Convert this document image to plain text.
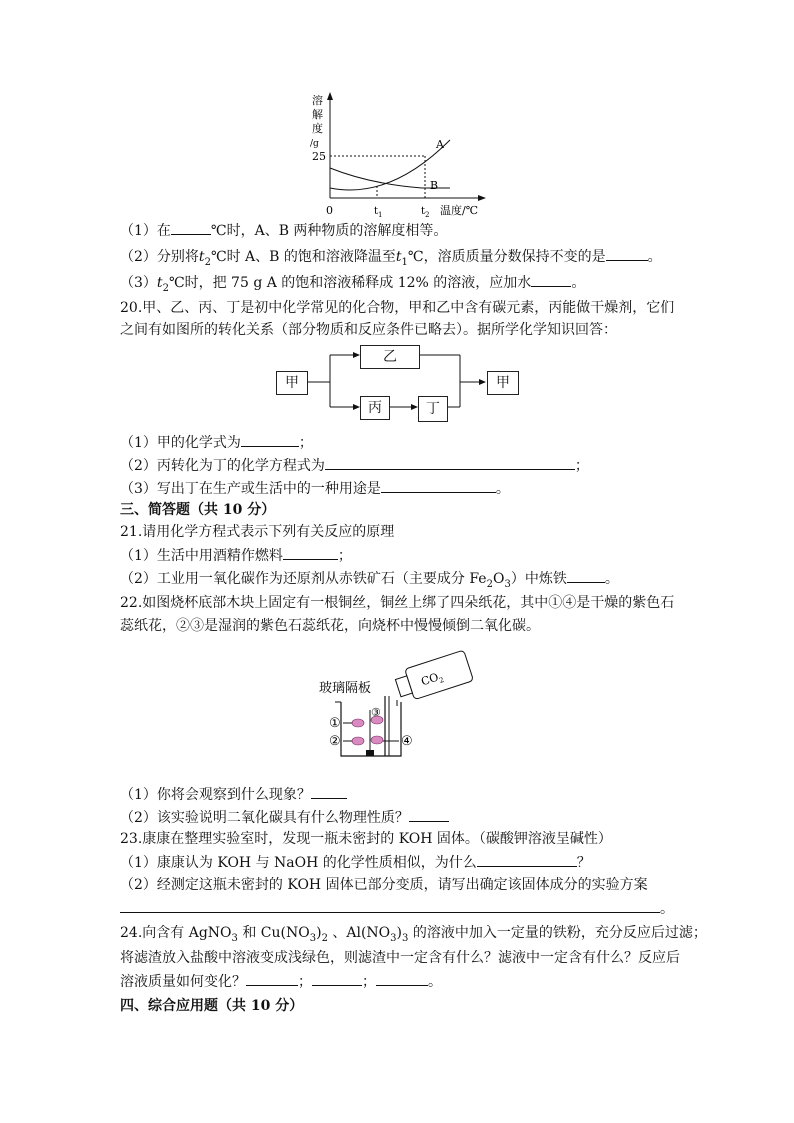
溶
解
度
/g
25
0	$t_1$	$t_2$ 温度/℃
A
B
（1）在	℃时，A、B 两种物质的溶解度相等。
（2）分别将$t_2℃$时 A、B 的饱和溶液降温至$t_1℃$，溶质质量分数保持不变的是	。
$(3)t_2℃$时，把 75 g A 的饱和溶液稀释成 12% 的溶液，应加水	。
20.甲、乙、丙、丁是初中化学常见的化合物，甲和乙中含有碳元素，丙能做干燥剂，它们
之间有如图所的转化关系（部分物质和反应条件已略去）。据所学化学知识回答：
甲
乙
丙	丁
甲
（1）甲的化学式为	；
（2）丙转化为丁的化学方程式为	；
（3）写出丁在生产或生活中的一种用途是	。
三、简答题（共 10 分）
21.请用化学方程式表示下列有关反应的原理
（1）生活中用酒精作燃料	；
（2）工业用一氧化碳作为还原剂从赤铁矿石（主要成分 $Fe_2O_3$）中炼铁	。
22.如图烧杯底部木块上固定有一根铜丝，铜丝上绑了四朵纸花，其中①④是干燥的紫色石
蕊纸花，②③是湿润的紫色石蕊纸花，向烧杯中慢慢倾倒二氧化碳。
$CO_2$
玻璃隔板
①
②
③
④
（1）你将会观察到什么现象？
（2）该实验说明二氧化碳具有什么物理性质？
23.康康在整理实验室时，发现一瓶未密封的 KOH 固体。（碳酸钾溶液呈碱性）
（1）康康认为 KOH 与 NaOH 的化学性质相似，为什么	？
（2）经测定这瓶未密封的 KOH 固体已部分变质，请写出确定该固体成分的实验方案
。
24.向含有 AgNO$_3$ 和 $Cu(NO_3)_2$ 、$Al(NO_3)_3$ 的溶液中加入一定量的铁粉，充分反应后过滤；
将滤渣放入盐酸中溶液变成浅绿色，则滤渣中一定含有什么？滤液中一定含有什么？反应后
溶液质量如何变化？	；	；	。
四、综合应用题（共 10 分）
